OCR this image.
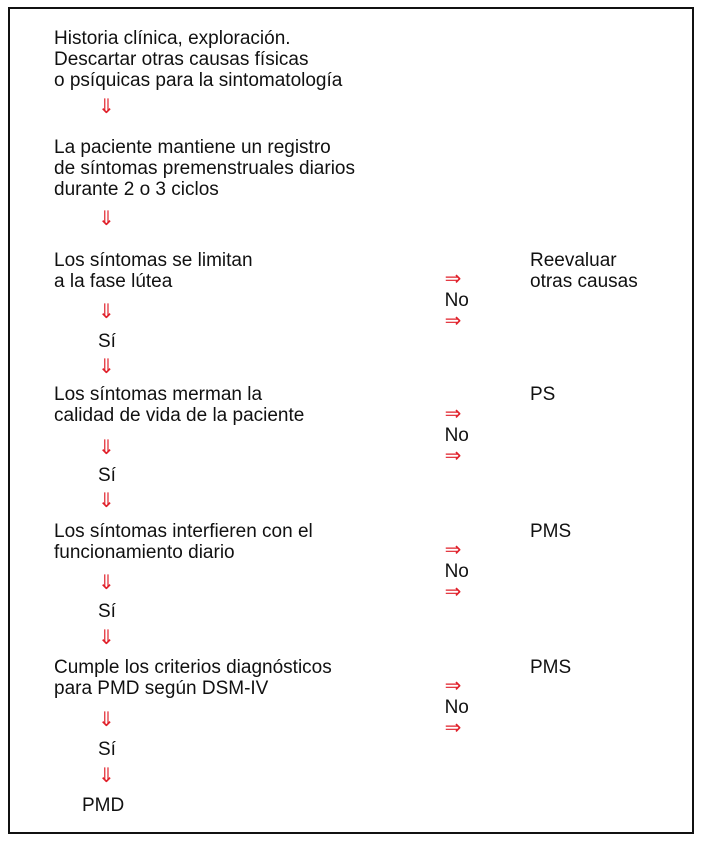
Historia clínica, exploración.
Descartar otras causas físicas
o psíquicas para la sintomatología
⇓
La paciente mantiene un registro
de síntomas premenstruales diarios
durante 2 o 3 ciclos
⇓
Los síntomas se limitan
a la fase lútea	⇒
No
⇒

Reevaluar
otras causas
⇓
Sí
⇓
Los síntomas merman la
calidad de vida de la paciente	⇒
No
⇒

PS
⇓
Sí
⇓
Los síntomas interfieren con el
funcionamiento diario	⇒
No
⇒

PMS
⇓
Sí
⇓
Cumple los criterios diagnósticos
para PMD según DSM-IV	⇒
No
⇒

PMS
⇓
Sí
⇓
PMD
